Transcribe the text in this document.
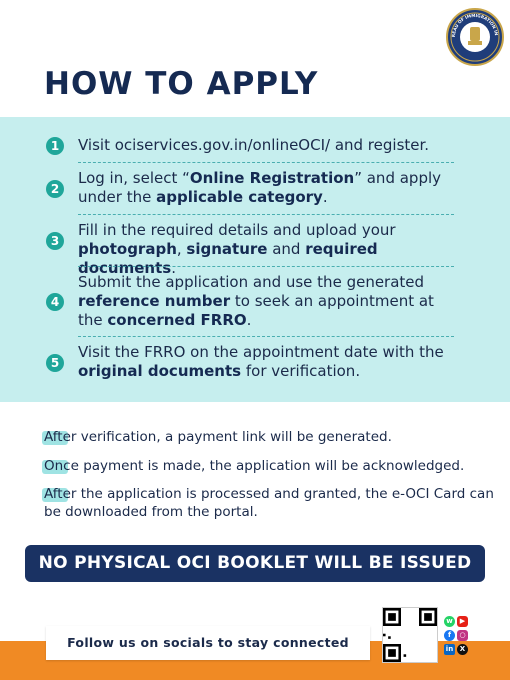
REAU OF IMMIGRATION IN
HOW TO APPLY
1	Visit ociservices.gov.in/onlineOCI/ and register.
2
Log in, select “Online Registration” and apply under the applicable category.
3
Fill in the required details and upload your photograph, signature and required documents.
4
Submit the application and use the generated reference number to seek an appointment at the concerned FRRO.
5
Visit the FRRO on the appointment date with the original documents for verification.
After verification, a payment link will be generated.
Once payment is made, the application will be acknowledged.
After the application is processed and granted, the e-OCI Card can be downloaded from the portal.
NO PHYSICAL OCI BOOKLET WILL BE ISSUED
Follow us on socials to stay connected
w	▶
f	○
in X
